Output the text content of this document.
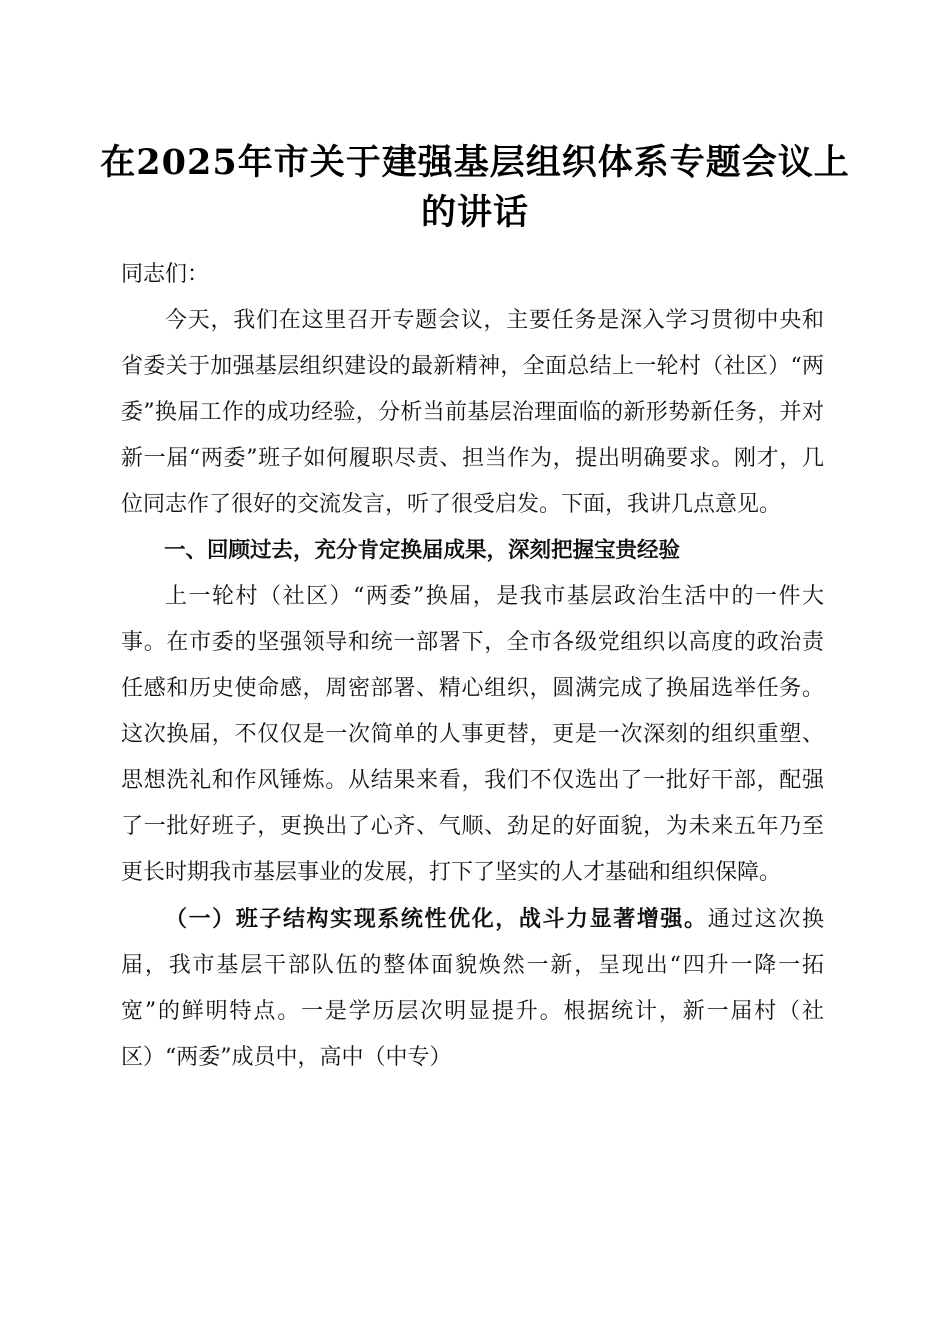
在2025年市关于建强基层组织体系专题会议上的讲话

同志们：

今天，我们在这里召开专题会议，主要任务是深入学习贯彻中央和省委关于加强基层组织建设的最新精神，全面总结上一轮村（社区）“两委”换届工作的成功经验，分析当前基层治理面临的新形势新任务，并对新一届“两委”班子如何履职尽责、担当作为，提出明确要求。刚才，几位同志作了很好的交流发言，听了很受启发。下面，我讲几点意见。

一、回顾过去，充分肯定换届成果，深刻把握宝贵经验

上一轮村（社区）“两委”换届，是我市基层政治生活中的一件大事。在市委的坚强领导和统一部署下，全市各级党组织以高度的政治责任感和历史使命感，周密部署、精心组织，圆满完成了换届选举任务。这次换届，不仅仅是一次简单的人事更替，更是一次深刻的组织重塑、思想洗礼和作风锤炼。从结果来看，我们不仅选出了一批好干部，配强了一批好班子，更换出了心齐、气顺、劲足的好面貌，为未来五年乃至更长时期我市基层事业的发展，打下了坚实的人才基础和组织保障。

（一）班子结构实现系统性优化，战斗力显著增强。通过这次换届，我市基层干部队伍的整体面貌焕然一新，呈现出“四升一降一拓宽”的鲜明特点。一是学历层次明显提升。根据统计，新一届村（社区）“两委”成员中，高中（中专）
